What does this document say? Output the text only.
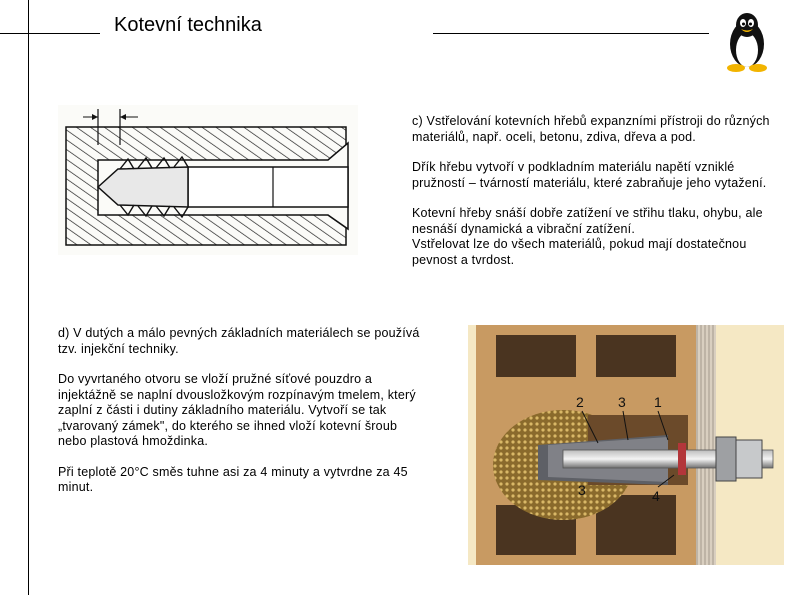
Kotevní technika

c) Vstřelování kotevních hřebů expanzními přístroji do různých materiálů, např. oceli, betonu, zdiva, dřeva a pod.

Dřík hřebu vytvoří v podkladním materiálu napětí vzniklé pružností – tvárností materiálu, které zabraňuje jeho vytažení.

Kotevní hřeby snáší dobře zatížení ve střihu tlaku, ohybu, ale nesnáší dynamická a vibrační zatížení.
Vstřelovat lze do všech materiálů, pokud mají dostatečnou pevnost a tvrdost.

d) V dutých a málo pevných základních materiálech se používá tzv. injekční techniky.

Do vyvrtaného otvoru se vloží pružné síťové pouzdro a injektážně se naplní dvousložkovým rozpínavým tmelem, který zaplní z části i dutiny základního materiálu. Vytvoří se tak „tvarovaný zámek", do kterého se ihned vloží kotevní šroub nebo plastová hmoždinka.

Při teplotě 20°C směs tuhne asi za 4 minuty a vytvrdne za 45 minut.

2 3 1
3	4
